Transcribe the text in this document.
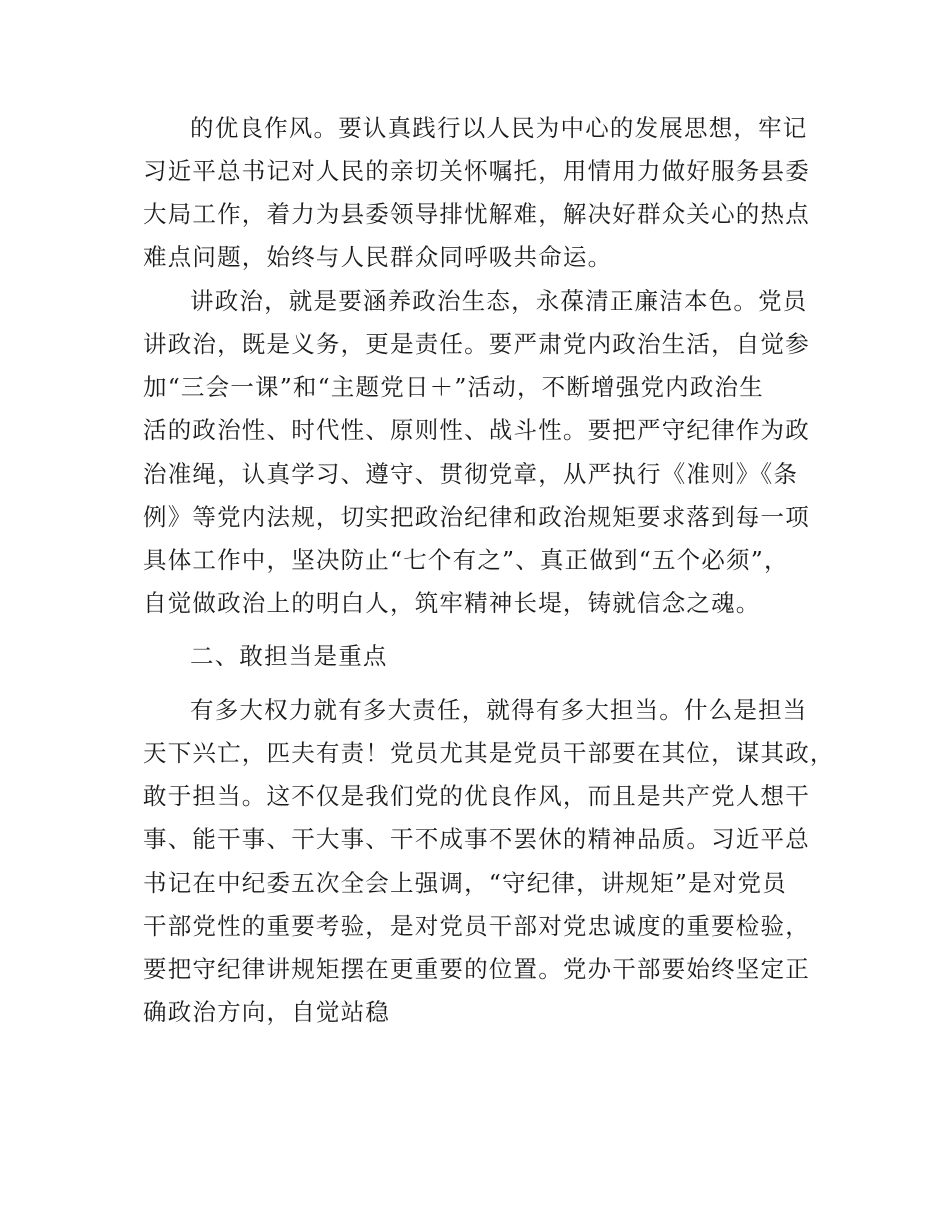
的优良作风。要认真践行以人民为中心的发展思想，牢记
习近平总书记对人民的亲切关怀嘱托，用情用力做好服务县委
大局工作，着力为县委领导排忧解难，解决好群众关心的热点
难点问题，始终与人民群众同呼吸共命运。
讲政治，就是要涵养政治生态，永葆清正廉洁本色。党员
讲政治，既是义务，更是责任。要严肃党内政治生活，自觉参
加“三会一课”和“主题党日＋”活动，不断增强党内政治生
活的政治性、时代性、原则性、战斗性。要把严守纪律作为政
治准绳，认真学习、遵守、贯彻党章，从严执行《准则》《条
例》等党内法规，切实把政治纪律和政治规矩要求落到每一项
具体工作中，坚决防止“七个有之”、真正做到“五个必须”，
自觉做政治上的明白人，筑牢精神长堤，铸就信念之魂。
二、敢担当是重点
有多大权力就有多大责任，就得有多大担当。什么是担当
天下兴亡，匹夫有责！党员尤其是党员干部要在其位，谋其政，
敢于担当。这不仅是我们党的优良作风，而且是共产党人想干
事、能干事、干大事、干不成事不罢休的精神品质。习近平总
书记在中纪委五次全会上强调，“守纪律，讲规矩”是对党员
干部党性的重要考验，是对党员干部对党忠诚度的重要检验，
要把守纪律讲规矩摆在更重要的位置。党办干部要始终坚定正
确政治方向，自觉站稳
